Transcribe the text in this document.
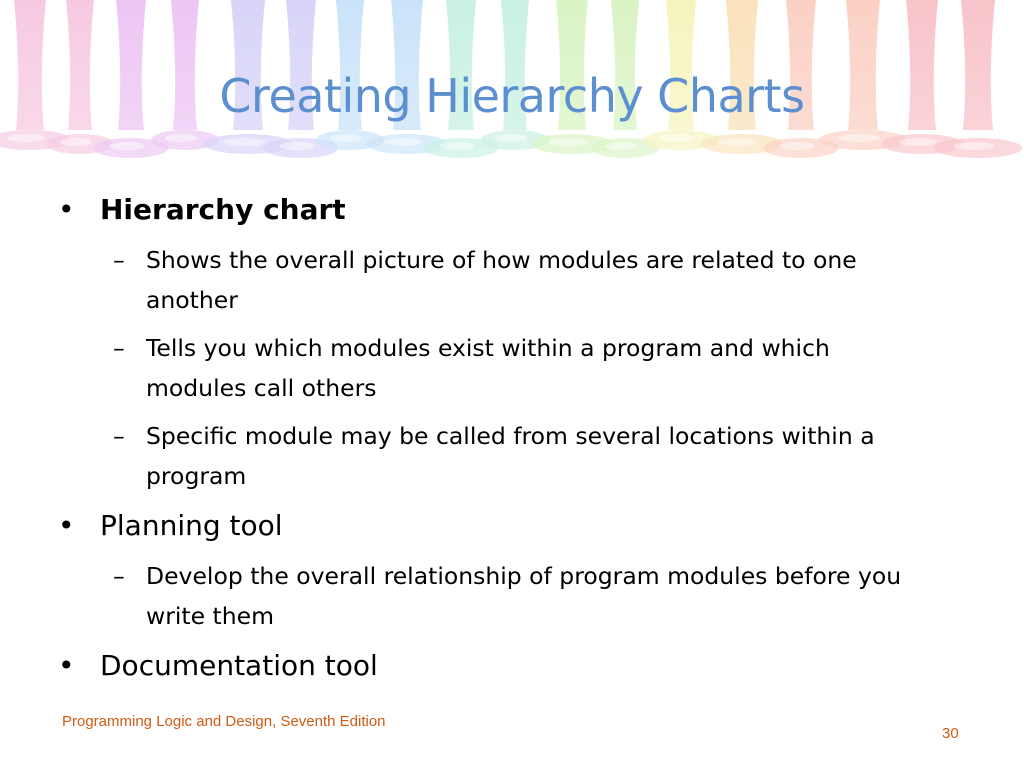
Creating Hierarchy Charts
• Hierarchy chart
– Shows the overall picture of how modules are related to one another
– Tells you which modules exist within a program and which modules call others
– Specific module may be called from several locations within a program
• Planning tool
– Develop the overall relationship of program modules before you write them
• Documentation tool
Programming Logic and Design, Seventh Edition
30
